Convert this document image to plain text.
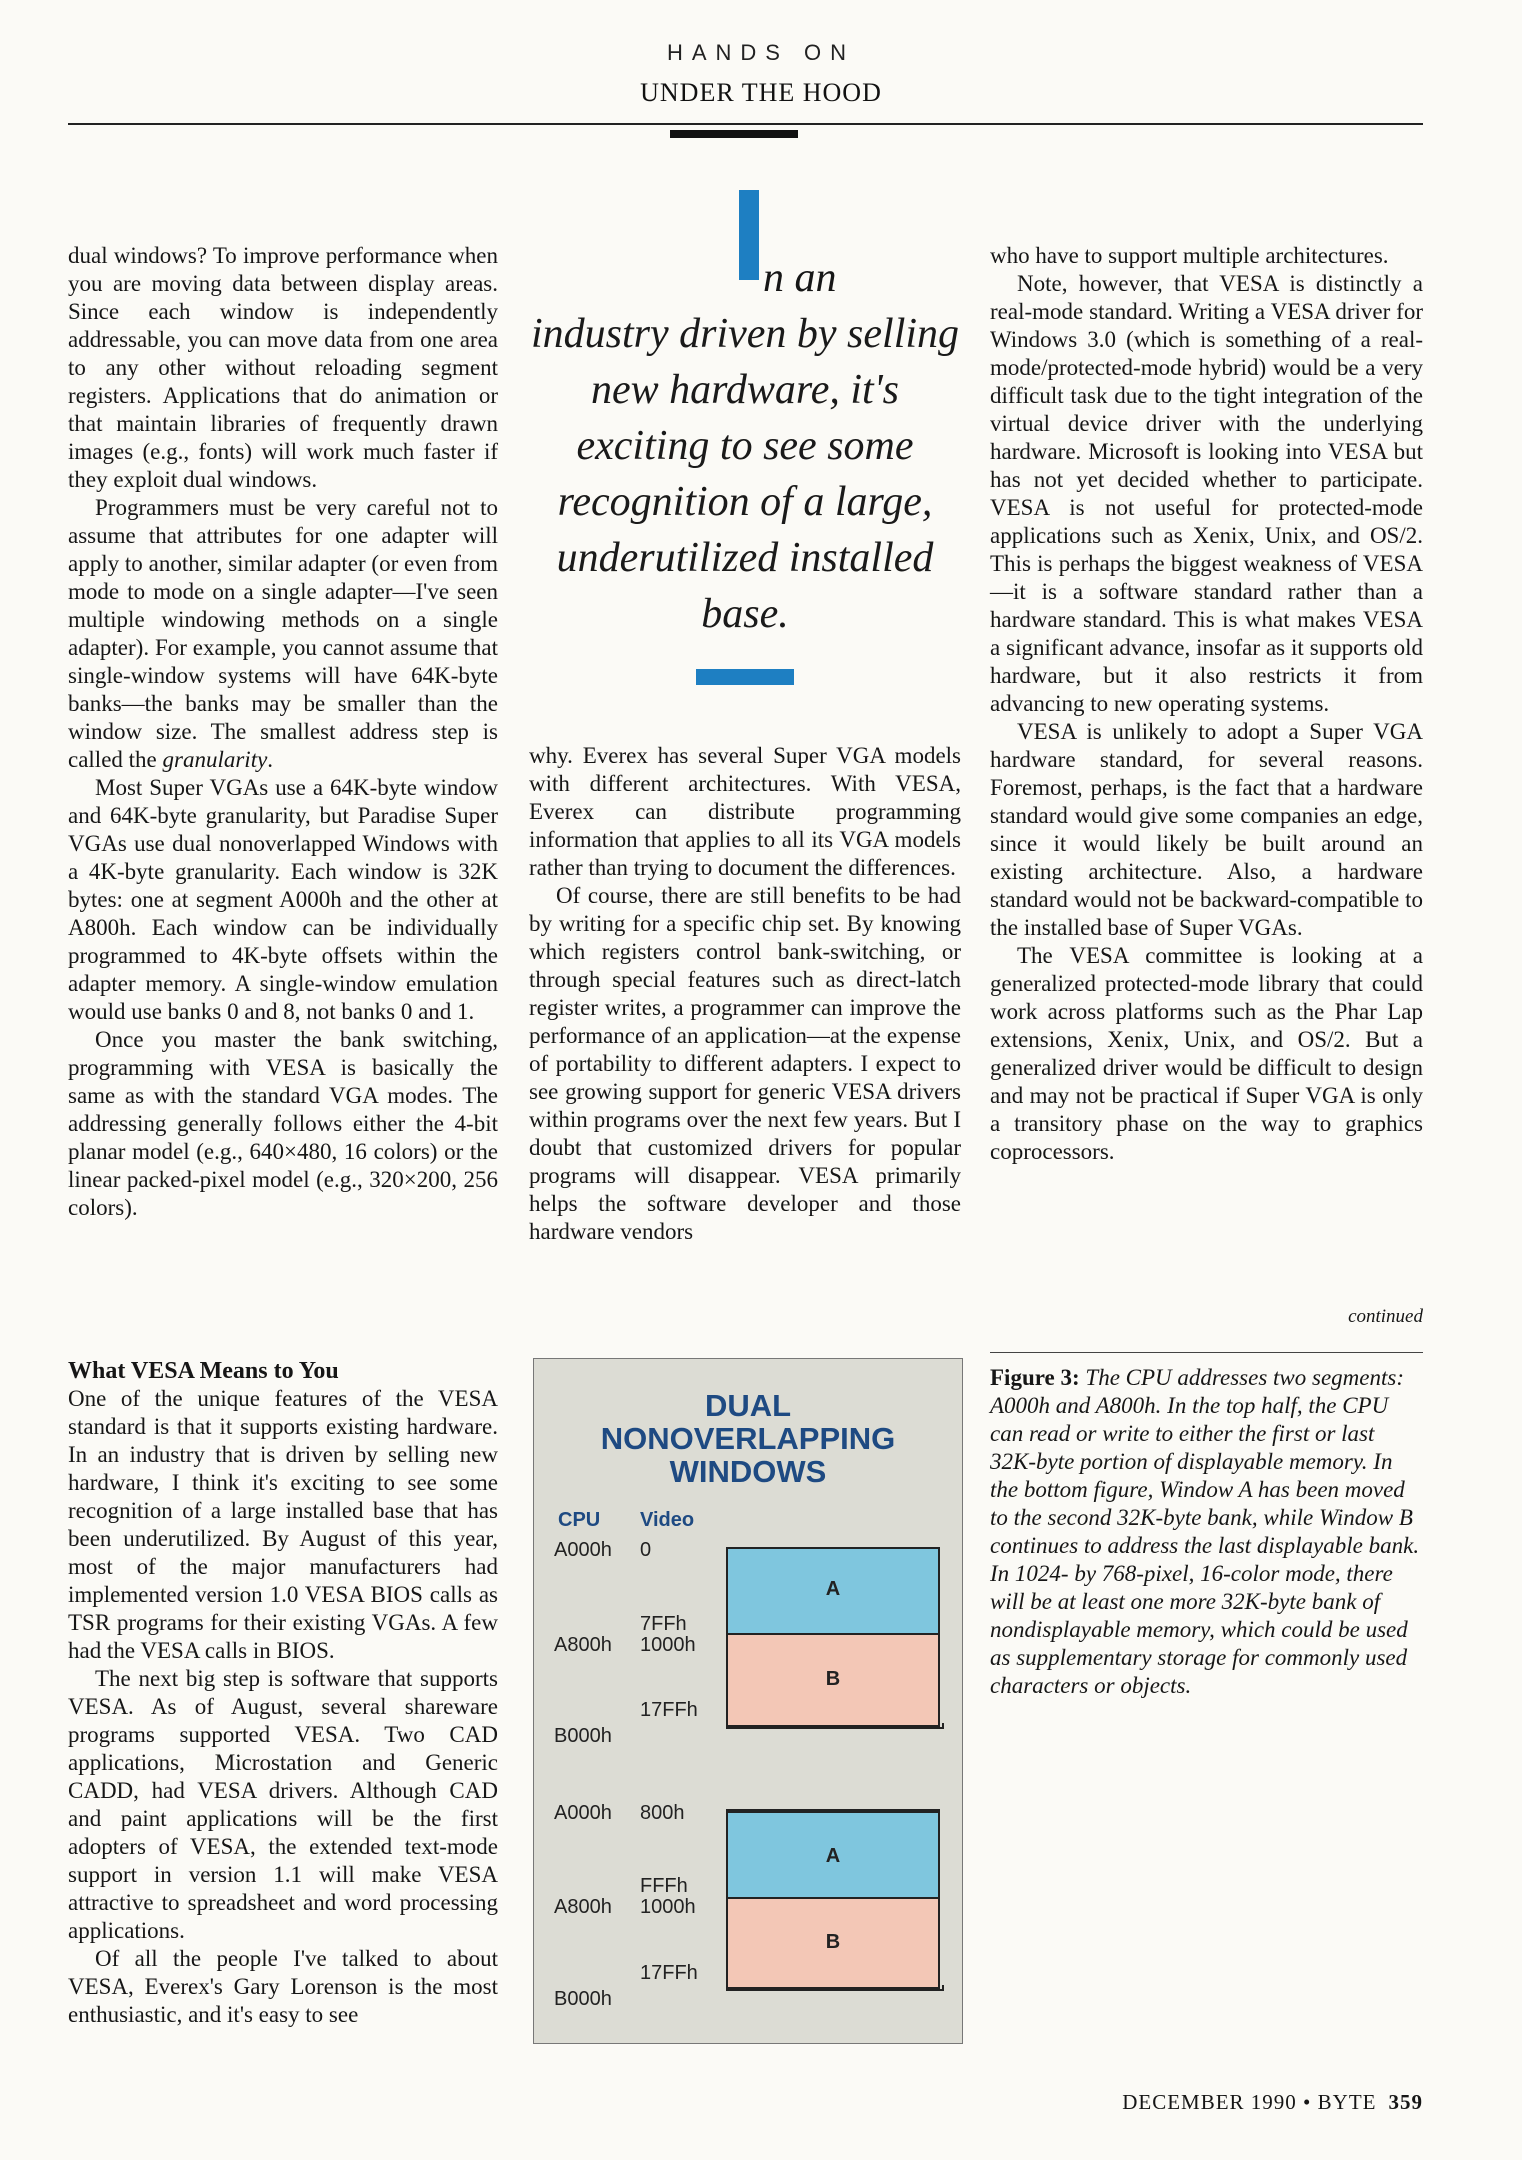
HANDS ON
UNDER THE HOOD

dual windows? To improve performance when you are moving data between display areas. Since each window is independently addressable, you can move data from one area to any other without reloading segment registers. Applications that do animation or that maintain libraries of frequently drawn images (e.g., fonts) will work much faster if they exploit dual windows.

Programmers must be very careful not to assume that attributes for one adapter will apply to another, similar adapter (or even from mode to mode on a single adapter—I've seen multiple windowing methods on a single adapter). For example, you cannot assume that single-window systems will have 64K-byte banks—the banks may be smaller than the window size. The smallest address step is called the granularity.

Most Super VGAs use a 64K-byte window and 64K-byte granularity, but Paradise Super VGAs use dual nonoverlapped Windows with a 4K-byte granularity. Each window is 32K bytes: one at segment A000h and the other at A800h. Each window can be individually programmed to 4K-byte offsets within the adapter memory. A single-window emulation would use banks 0 and 8, not banks 0 and 1.

Once you master the bank switching, programming with VESA is basically the same as with the standard VGA modes. The addressing generally follows either the 4-bit planar model (e.g., 640×480, 16 colors) or the linear packed-pixel model (e.g., 320×200, 256 colors).

What VESA Means to You

One of the unique features of the VESA standard is that it supports existing hardware. In an industry that is driven by selling new hardware, I think it's exciting to see some recognition of a large installed base that has been underutilized. By August of this year, most of the major manufacturers had implemented version 1.0 VESA BIOS calls as TSR programs for their existing VGAs. A few had the VESA calls in BIOS.

The next big step is software that supports VESA. As of August, several shareware programs supported VESA. Two CAD applications, Microstation and Generic CADD, had VESA drivers. Although CAD and paint applications will be the first adopters of VESA, the extended text-mode support in version 1.1 will make VESA attractive to spreadsheet and word processing applications.

Of all the people I've talked to about VESA, Everex's Gary Lorenson is the most enthusiastic, and it's easy to see

n an
industry driven by selling new hardware, it's exciting to see some recognition of a large, underutilized installed base.

why. Everex has several Super VGA models with different architectures. With VESA, Everex can distribute programming information that applies to all its VGA models rather than trying to document the differences.

Of course, there are still benefits to be had by writing for a specific chip set. By knowing which registers control bank-switching, or through special features such as direct-latch register writes, a programmer can improve the performance of an application—at the expense of portability to different adapters. I expect to see growing support for generic VESA drivers within programs over the next few years. But I doubt that customized drivers for popular programs will disappear. VESA primarily helps the software developer and those hardware vendors

who have to support multiple architectures.

Note, however, that VESA is distinctly a real-mode standard. Writing a VESA driver for Windows 3.0 (which is something of a real-mode/protected-mode hybrid) would be a very difficult task due to the tight integration of the virtual device driver with the underlying hardware. Microsoft is looking into VESA but has not yet decided whether to participate. VESA is not useful for protected-mode applications such as Xenix, Unix, and OS/2. This is perhaps the biggest weakness of VESA—it is a software standard rather than a hardware standard. This is what makes VESA a significant advance, insofar as it supports old hardware, but it also restricts it from advancing to new operating systems.

VESA is unlikely to adopt a Super VGA hardware standard, for several reasons. Foremost, perhaps, is the fact that a hardware standard would give some companies an edge, since it would likely be built around an existing architecture. Also, a hardware standard would not be backward-compatible to the installed base of Super VGAs.

The VESA committee is looking at a generalized protected-mode library that could work across platforms such as the Phar Lap extensions, Xenix, Unix, and OS/2. But a generalized driver would be difficult to design and may not be practical if Super VGA is only a transitory phase on the way to graphics coprocessors.

continued
DUAL
NONOVERLAPPING
WINDOWS
CPU Video
A000h 0
A
7FFh
A800h 1000h
B
17FFh
B000h
A000h 800h
A
FFFh
A800h 1000h
B
17FFh
B000h
Figure 3: The CPU addresses two segments: A000h and A800h. In the top half, the CPU can read or write to either the first or last 32K-byte portion of displayable memory. In the bottom figure, Window A has been moved to the second 32K-byte bank, while Window B continues to address the last displayable bank. In 1024- by 768-pixel, 16-color mode, there will be at least one more 32K-byte bank of nondisplayable memory, which could be used as supplementary storage for commonly used characters or objects.
DECEMBER 1990 • BYTE 359
